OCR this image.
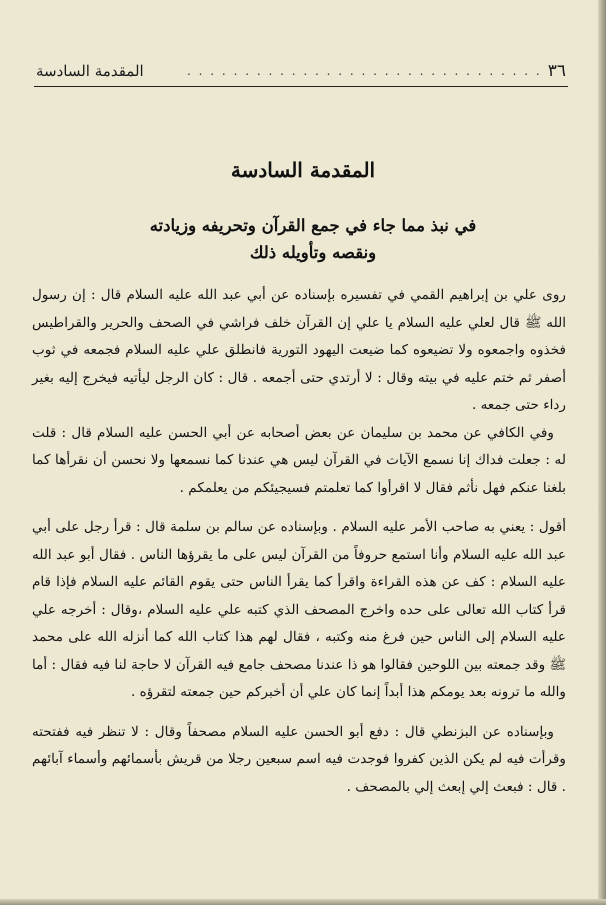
٣٦
. . . . . . . . . . . . . . . . . . . . . . . . . . . . . . .
المقدمة السادسة
المقدمة السادسة
في نبذ مما جاء في جمع القرآن وتحريفه وزيادته
ونقصه وتأويله ذلك

روى علي بن إبراهيم القمي في تفسيره بإسناده عن أبي عبد الله عليه السلام قال : إن رسول الله ﷺ قال لعلي عليه السلام يا علي إن القرآن خلف فراشي في الصحف والحرير والقراطيس فخذوه واجمعوه ولا تضيعوه كما ضيعت اليهود التورية فانطلق علي عليه السلام فجمعه في ثوب أصفر ثم ختم عليه في بيته وقال : لا أرتدي حتى أجمعه . قال : كان الرجل ليأتيه فيخرج إليه بغير رداء حتى جمعه .

وفي الكافي عن محمد بن سليمان عن بعض أصحابه عن أبي الحسن عليه السلام قال : قلت له : جعلت فداك إنا نسمع الآيات في القرآن ليس هي عندنا كما نسمعها ولا نحسن أن نقرأها كما بلغنا عنكم فهل نأثم فقال لا اقرأوا كما تعلمتم فسيجيئكم من يعلمكم .

أقول : يعني به صاحب الأمر عليه السلام . وبإسناده عن سالم بن سلمة قال : قرأ رجل على أبي عبد الله عليه السلام وأنا استمع حروفاً من القرآن ليس على ما يقرؤها الناس . فقال أبو عبد الله عليه السلام : كف عن هذه القراءة واقرأ كما يقرأ الناس حتى يقوم القائم عليه السلام فإذا قام قرأ كتاب الله تعالى على حده واخرج المصحف الذي كتبه علي عليه السلام ،وقال : أخرجه علي عليه السلام إلى الناس حين فرغ منه وكتبه ، فقال لهم هذا كتاب الله كما أنزله الله على محمد ﷺ وقد جمعته بين اللوحين فقالوا هو ذا عندنا مصحف جامع فيه القرآن لا حاجة لنا فيه فقال : أما والله ما ترونه بعد يومكم هذا أبداً إنما كان علي أن أخبركم حين جمعته لتقرؤه .

وبإسناده عن البزنطي قال : دفع أبو الحسن عليه السلام مصحفاً وقال : لا تنظر فيه ففتحته وقرأت فيه لم يكن الذين كفروا فوجدت فيه اسم سبعين رجلا من قريش بأسمائهم وأسماء آبائهم . قال : فبعث إلي إبعث إلي بالمصحف .
